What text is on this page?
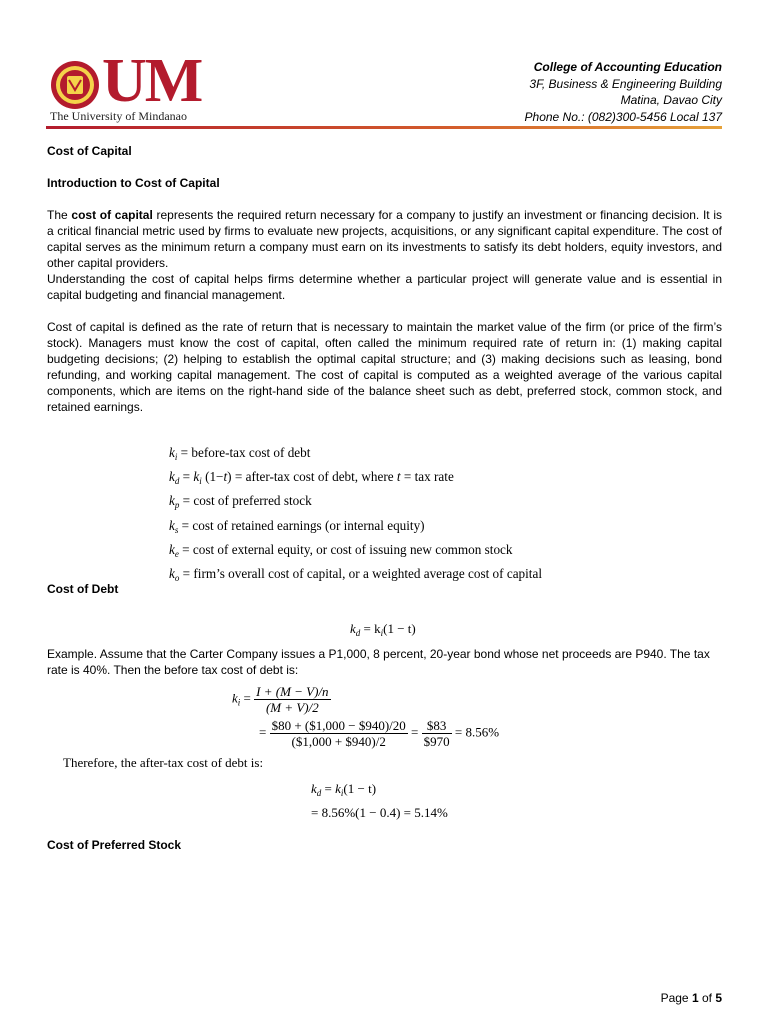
UM
The University of Mindanao
College of Accounting Education
3F, Business & Engineering Building
Matina, Davao City
Phone No.: (082)300-5456 Local 137

Cost of Capital

Introduction to Cost of Capital

The cost of capital represents the required return necessary for a company to justify an investment or financing decision. It is a critical financial metric used by firms to evaluate new projects, acquisitions, or any significant capital expenditure. The cost of capital serves as the minimum return a company must earn on its investments to satisfy its debt holders, equity investors, and other capital providers.

Understanding the cost of capital helps firms determine whether a particular project will generate value and is essential in capital budgeting and financial management.

Cost of capital is defined as the rate of return that is necessary to maintain the market value of the firm (or price of the firm’s stock). Managers must know the cost of capital, often called the minimum required rate of return in: (1) making capital budgeting decisions; (2) helping to establish the optimal capital structure; and (3) making decisions such as leasing, bond refunding, and working capital management. The cost of capital is computed as a weighted average of the various capital components, which are items on the right-hand side of the balance sheet such as debt, preferred stock, common stock, and retained earnings.

$k_i$ = before-tax cost of debt
$k_d = k_i$ (1−t) = after-tax cost of debt, where t = tax rate
$k_p = \cos t$ of preferred stock
$k_s = \cos t$ of retained earnings (or internal equity)
$k_e = \cos t$ of external equity, or cost of issuing new common stock
$k_o$ = firm’s overall cost of capital, or a weighted average cost of capital
Cost of Debt
$k_d = k_i(1 - t)$
Example. Assume that the Carter Company issues a P1,000, 8 percent, 20-year bond whose net proceeds are P940. The tax rate is 40%. Then the before tax cost of debt is:
$k_i = \frac{I + (M - V)/n}{(M + V)/2}$
= $\frac{\$80 + (\$1,000 - \$940)/20}{(\$1,000 + \$940)/2} = \frac{\$83}{\$970} = 8.56\%$
Therefore, the after-tax cost of debt is:
$k_d = k_i(1 - t)$
= 8.56%(1 − 0.4) = 5.14%
Cost of Preferred Stock
Page 1 of 5
